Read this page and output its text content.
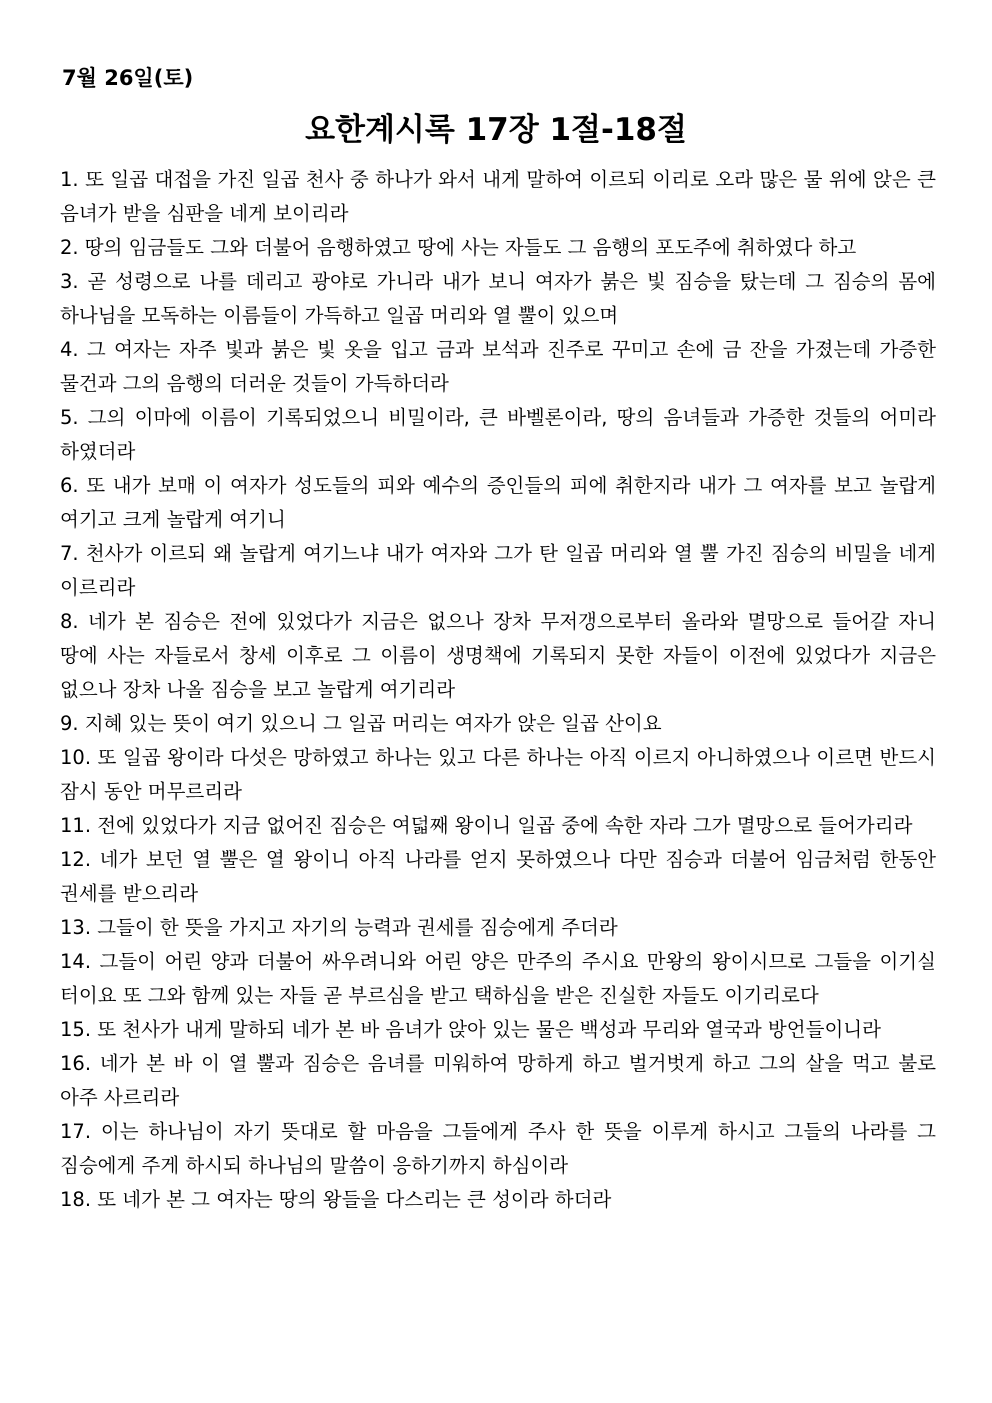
7월 26일(토)
요한계시록 17장 1절-18절
1. 또 일곱 대접을 가진 일곱 천사 중 하나가 와서 내게 말하여 이르되 이리로 오라 많은 물 위에 앉은 큰 음녀가 받을 심판을 네게 보이리라
2. 땅의 임금들도 그와 더불어 음행하였고 땅에 사는 자들도 그 음행의 포도주에 취하였다 하고
3. 곧 성령으로 나를 데리고 광야로 가니라 내가 보니 여자가 붉은 빛 짐승을 탔는데 그 짐승의 몸에 하나님을 모독하는 이름들이 가득하고 일곱 머리와 열 뿔이 있으며
4. 그 여자는 자주 빛과 붉은 빛 옷을 입고 금과 보석과 진주로 꾸미고 손에 금 잔을 가졌는데 가증한 물건과 그의 음행의 더러운 것들이 가득하더라
5. 그의 이마에 이름이 기록되었으니 비밀이라, 큰 바벨론이라, 땅의 음녀들과 가증한 것들의 어미라 하였더라
6. 또 내가 보매 이 여자가 성도들의 피와 예수의 증인들의 피에 취한지라 내가 그 여자를 보고 놀랍게 여기고 크게 놀랍게 여기니
7. 천사가 이르되 왜 놀랍게 여기느냐 내가 여자와 그가 탄 일곱 머리와 열 뿔 가진 짐승의 비밀을 네게 이르리라
8. 네가 본 짐승은 전에 있었다가 지금은 없으나 장차 무저갱으로부터 올라와 멸망으로 들어갈 자니 땅에 사는 자들로서 창세 이후로 그 이름이 생명책에 기록되지 못한 자들이 이전에 있었다가 지금은 없으나 장차 나올 짐승을 보고 놀랍게 여기리라
9. 지혜 있는 뜻이 여기 있으니 그 일곱 머리는 여자가 앉은 일곱 산이요
10. 또 일곱 왕이라 다섯은 망하였고 하나는 있고 다른 하나는 아직 이르지 아니하였으나 이르면 반드시 잠시 동안 머무르리라
11. 전에 있었다가 지금 없어진 짐승은 여덟째 왕이니 일곱 중에 속한 자라 그가 멸망으로 들어가리라
12. 네가 보던 열 뿔은 열 왕이니 아직 나라를 얻지 못하였으나 다만 짐승과 더불어 임금처럼 한동안 권세를 받으리라
13. 그들이 한 뜻을 가지고 자기의 능력과 권세를 짐승에게 주더라
14. 그들이 어린 양과 더불어 싸우려니와 어린 양은 만주의 주시요 만왕의 왕이시므로 그들을 이기실 터이요 또 그와 함께 있는 자들 곧 부르심을 받고 택하심을 받은 진실한 자들도 이기리로다
15. 또 천사가 내게 말하되 네가 본 바 음녀가 앉아 있는 물은 백성과 무리와 열국과 방언들이니라
16. 네가 본 바 이 열 뿔과 짐승은 음녀를 미워하여 망하게 하고 벌거벗게 하고 그의 살을 먹고 불로 아주 사르리라
17. 이는 하나님이 자기 뜻대로 할 마음을 그들에게 주사 한 뜻을 이루게 하시고 그들의 나라를 그 짐승에게 주게 하시되 하나님의 말씀이 응하기까지 하심이라
18. 또 네가 본 그 여자는 땅의 왕들을 다스리는 큰 성이라 하더라
